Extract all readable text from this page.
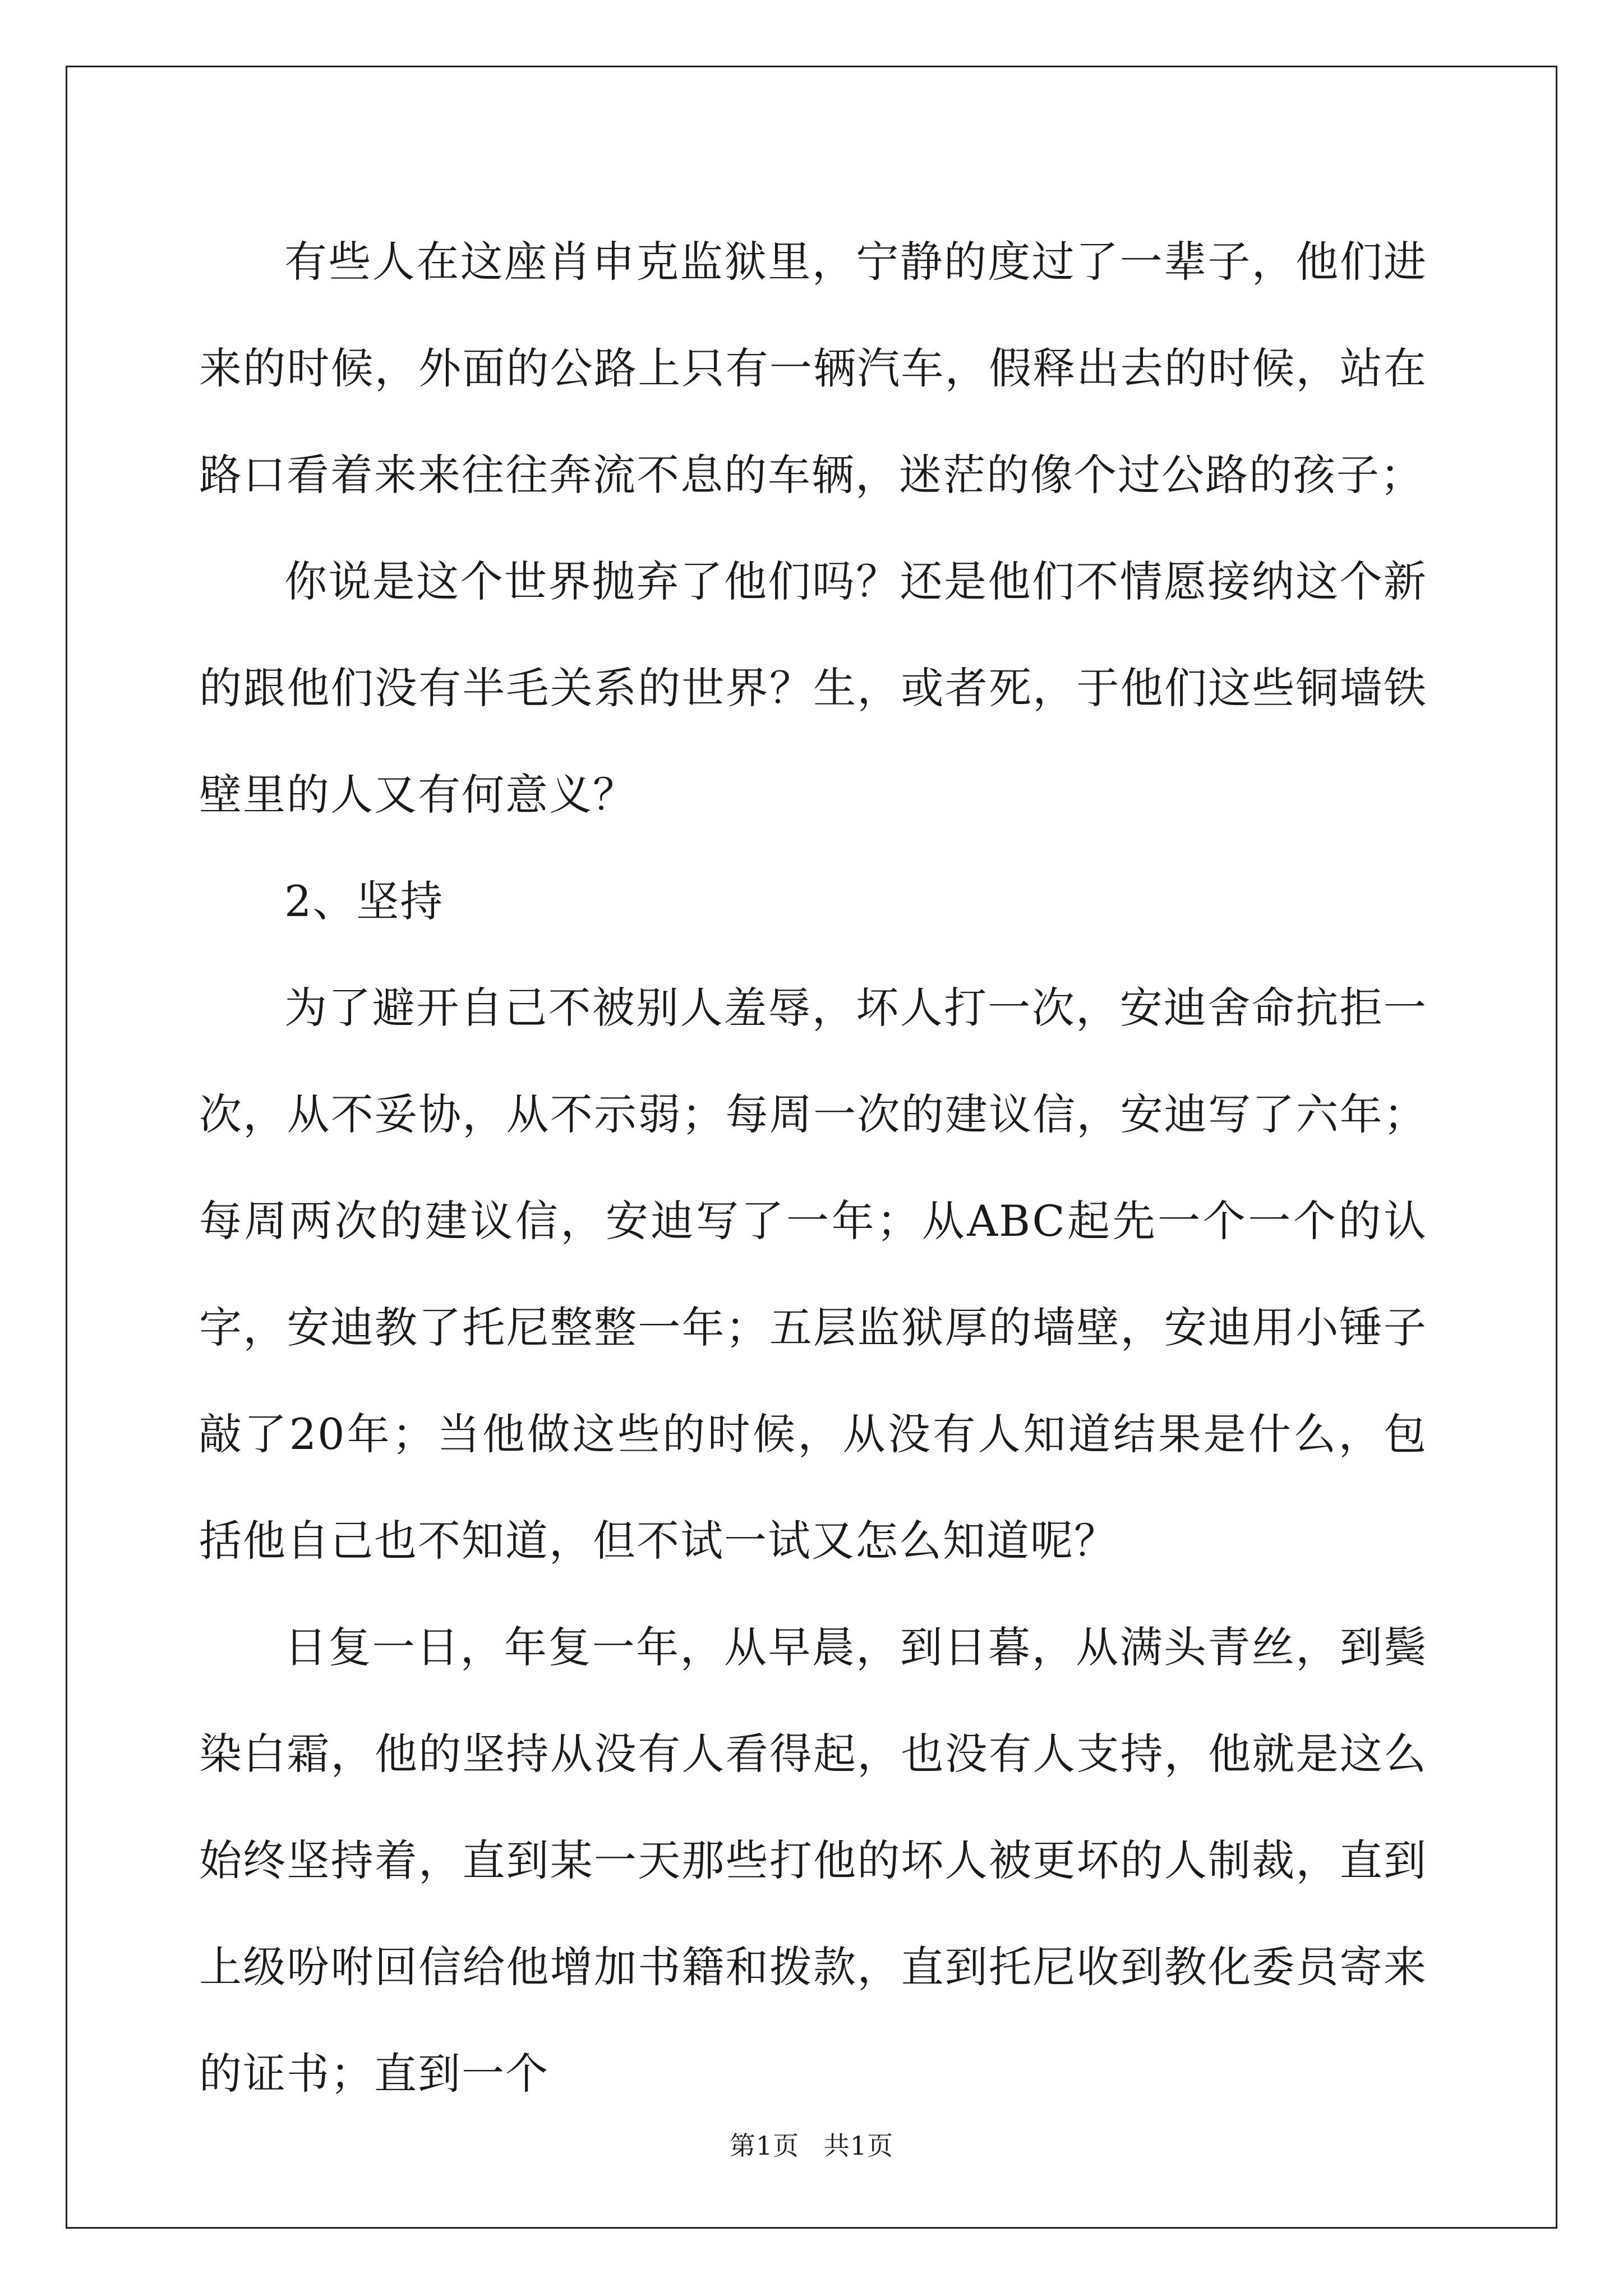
有些人在这座肖申克监狱里，宁静的度过了一辈子，他们进来的时候，外面的公路上只有一辆汽车，假释出去的时候，站在路口看着来来往往奔流不息的车辆，迷茫的像个过公路的孩子；

你说是这个世界抛弃了他们吗？还是他们不情愿接纳这个新的跟他们没有半毛关系的世界？生，或者死，于他们这些铜墙铁壁里的人又有何意义？

2、坚持

为了避开自己不被别人羞辱，坏人打一次，安迪舍命抗拒一次，从不妥协，从不示弱；每周一次的建议信，安迪写了六年；每周两次的建议信，安迪写了一年；从ABC起先一个一个的认字，安迪教了托尼整整一年；五层监狱厚的墙壁，安迪用小锤子敲了20年；当他做这些的时候，从没有人知道结果是什么，包括他自己也不知道，但不试一试又怎么知道呢？

日复一日，年复一年，从早晨，到日暮，从满头青丝，到鬓染白霜，他的坚持从没有人看得起，也没有人支持，他就是这么始终坚持着，直到某一天那些打他的坏人被更坏的人制裁，直到上级吩咐回信给他增加书籍和拨款，直到托尼收到教化委员寄来的证书；直到一个

第1页 共1页
